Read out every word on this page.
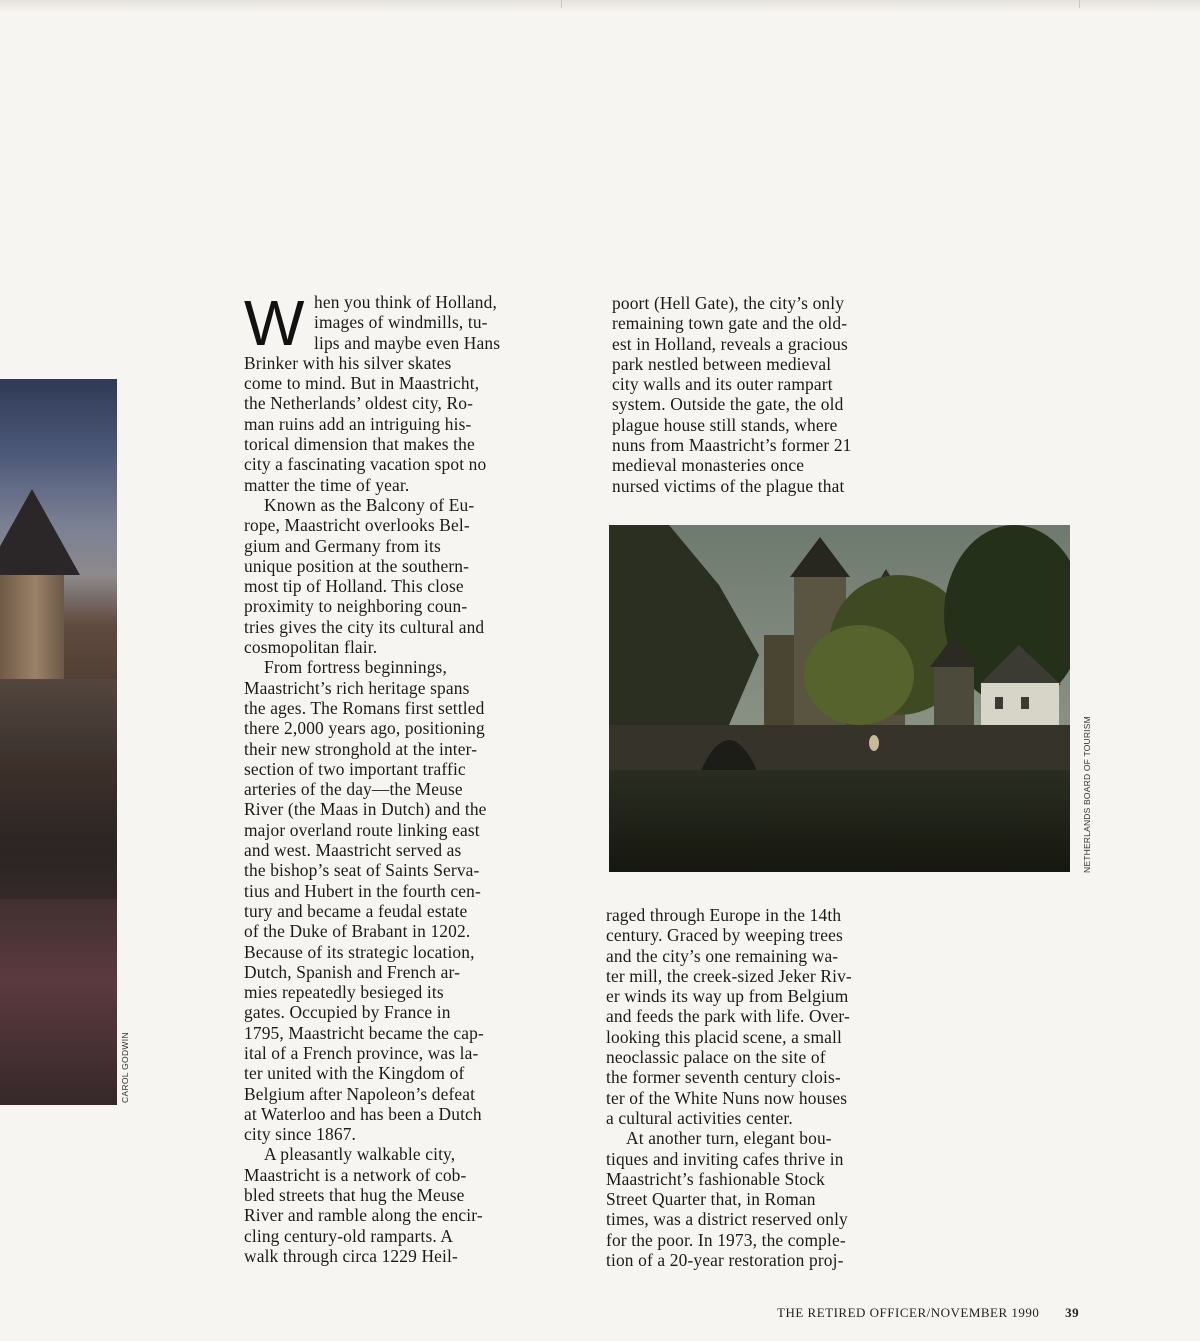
CAROL GODWIN
W hen you think of Holland,

images of windmills, tu-

lips and maybe even Hans

Brinker with his silver skates

come to mind. But in Maastricht,

the Netherlands’ oldest city, Ro-

man ruins add an intriguing his-

torical dimension that makes the

city a fascinating vacation spot no

matter the time of year.

Known as the Balcony of Eu-

rope, Maastricht overlooks Bel-

gium and Germany from its

unique position at the southern-

most tip of Holland. This close

proximity to neighboring coun-

tries gives the city its cultural and

cosmopolitan flair.

From fortress beginnings,

Maastricht’s rich heritage spans

the ages. The Romans first settled

there 2,000 years ago, positioning

their new stronghold at the inter-

section of two important traffic

arteries of the day—the Meuse

River (the Maas in Dutch) and the

major overland route linking east

and west. Maastricht served as

the bishop’s seat of Saints Serva-

tius and Hubert in the fourth cen-

tury and became a feudal estate

of the Duke of Brabant in 1202.

Because of its strategic location,

Dutch, Spanish and French ar-

mies repeatedly besieged its

gates. Occupied by France in

1795, Maastricht became the cap-

ital of a French province, was la-

ter united with the Kingdom of

Belgium after Napoleon’s defeat

at Waterloo and has been a Dutch

city since 1867.

A pleasantly walkable city,

Maastricht is a network of cob-

bled streets that hug the Meuse

River and ramble along the encir-

cling century-old ramparts. A

walk through circa 1229 Heil-

poort (Hell Gate), the city’s only

remaining town gate and the old-

est in Holland, reveals a gracious

park nestled between medieval

city walls and its outer rampart

system. Outside the gate, the old

plague house still stands, where

nuns from Maastricht’s former 21

medieval monasteries once

nursed victims of the plague that

NETHERLANDS BOARD OF TOURISM

raged through Europe in the 14th

century. Graced by weeping trees

and the city’s one remaining wa-

ter mill, the creek-sized Jeker Riv-

er winds its way up from Belgium

and feeds the park with life. Over-

looking this placid scene, a small

neoclassic palace on the site of

the former seventh century clois-

ter of the White Nuns now houses

a cultural activities center.

At another turn, elegant bou-

tiques and inviting cafes thrive in

Maastricht’s fashionable Stock

Street Quarter that, in Roman

times, was a district reserved only

for the poor. In 1973, the comple-

tion of a 20-year restoration proj-

THE RETIRED OFFICER/NOVEMBER 1990 39
